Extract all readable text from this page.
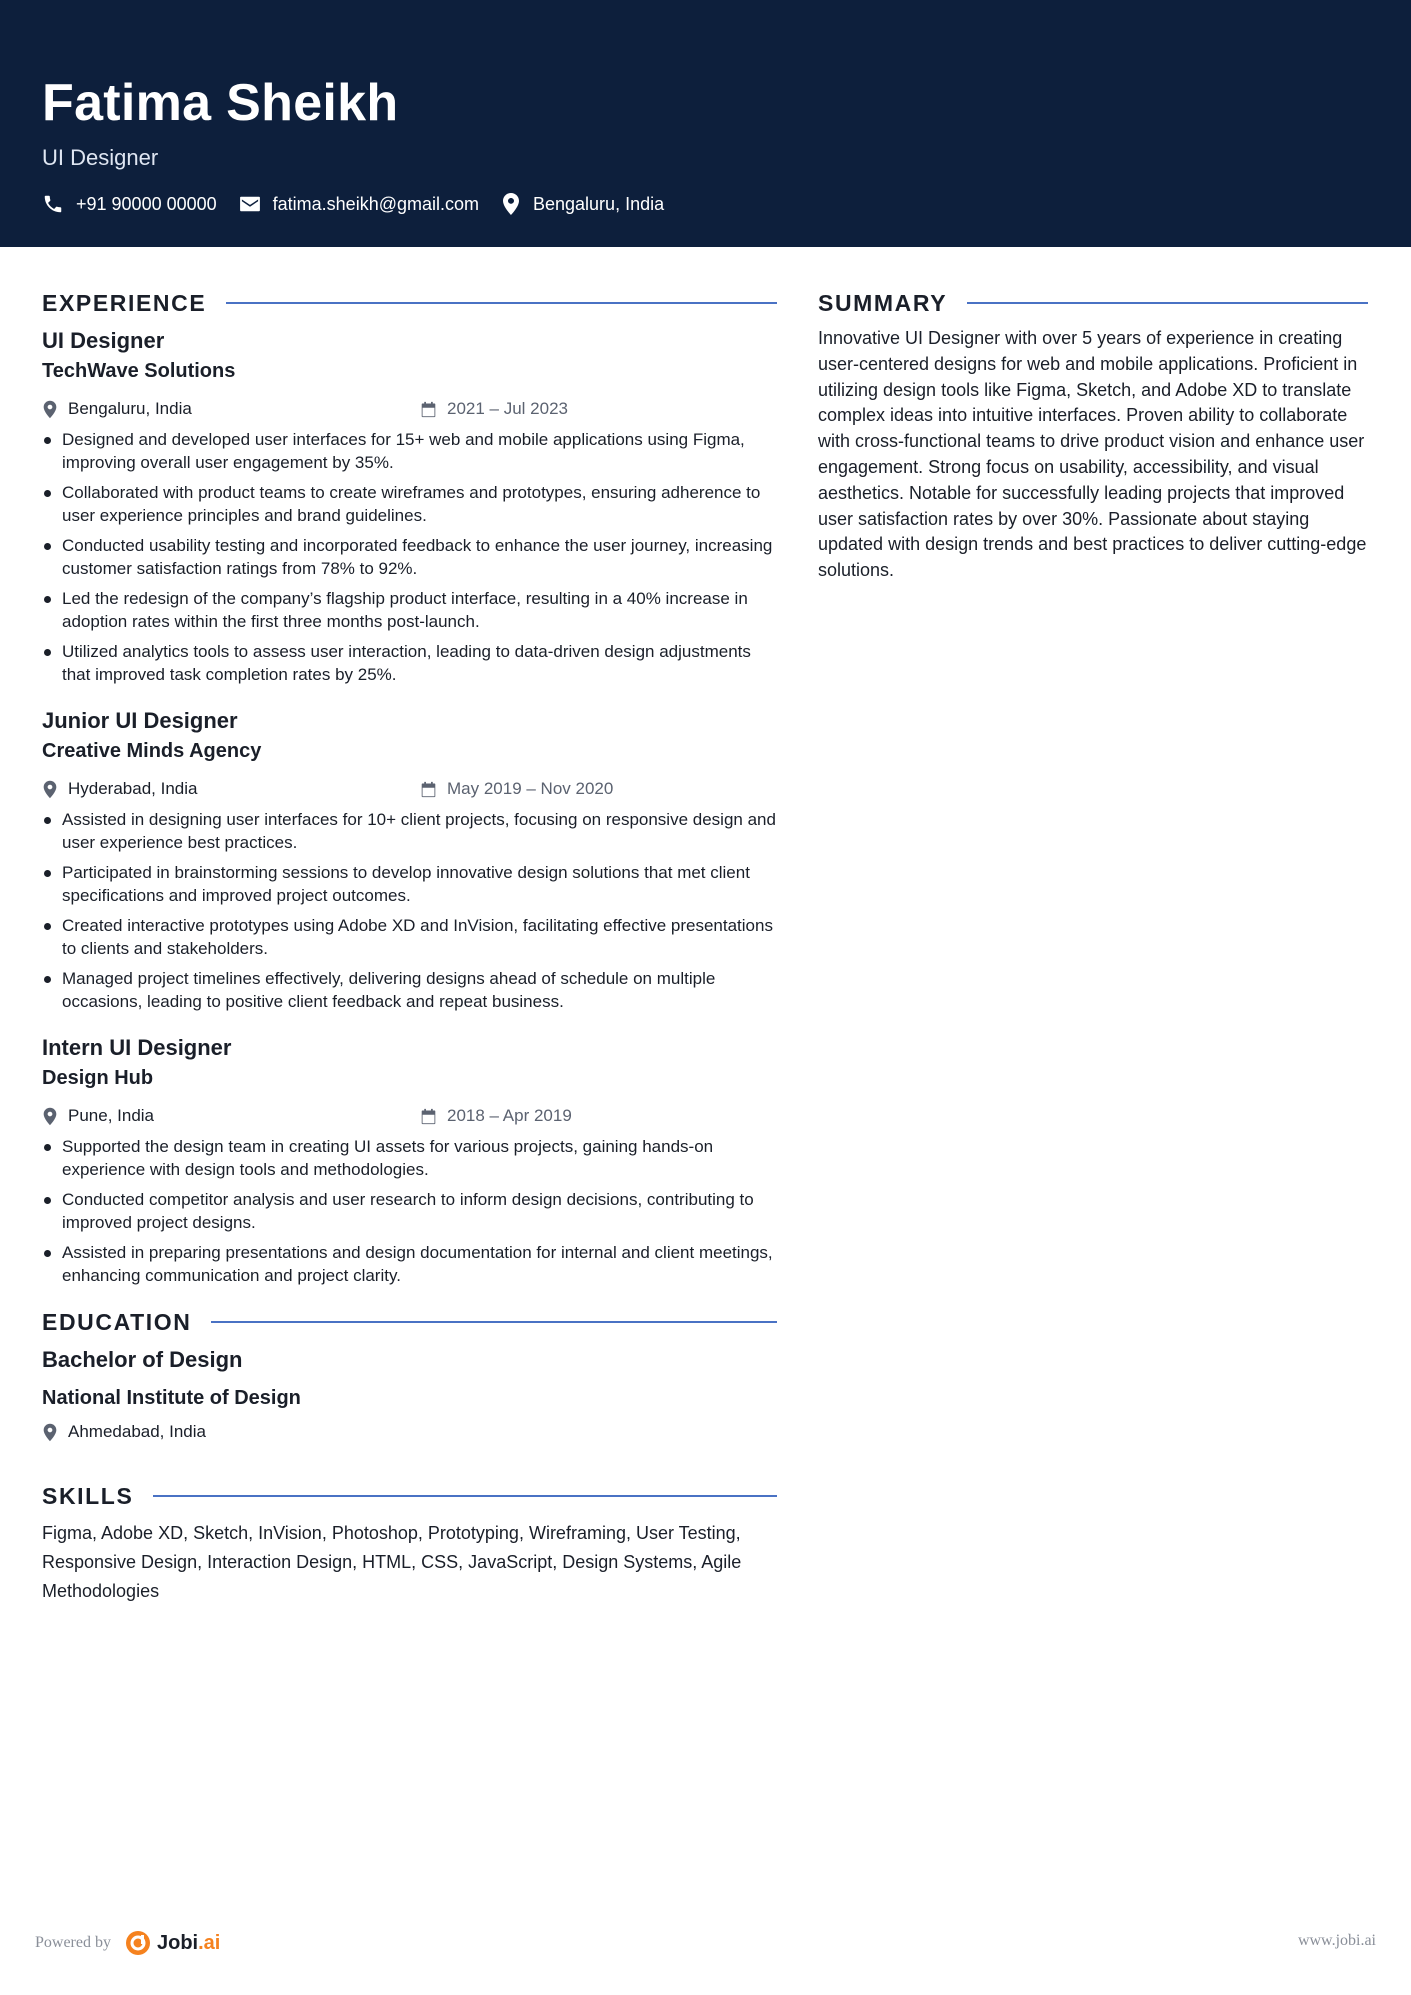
Fatima Sheikh
UI Designer
+91 90000 00000	fatima.sheikh@gmail.com	Bengaluru, India
EXPERIENCE
UI Designer
TechWave Solutions
Bengaluru, India	2021 – Jul 2023
Designed and developed user interfaces for 15+ web and mobile applications using Figma, improving overall user engagement by 35%.
Collaborated with product teams to create wireframes and prototypes, ensuring adherence to user experience principles and brand guidelines.
Conducted usability testing and incorporated feedback to enhance the user journey, increasing customer satisfaction ratings from 78% to 92%.
Led the redesign of the company’s flagship product interface, resulting in a 40% increase in adoption rates within the first three months post-launch.
Utilized analytics tools to assess user interaction, leading to data-driven design adjustments that improved task completion rates by 25%.
Junior UI Designer
Creative Minds Agency
Hyderabad, India	May 2019 – Nov 2020
Assisted in designing user interfaces for 10+ client projects, focusing on responsive design and user experience best practices.
Participated in brainstorming sessions to develop innovative design solutions that met client specifications and improved project outcomes.
Created interactive prototypes using Adobe XD and InVision, facilitating effective presentations to clients and stakeholders.
Managed project timelines effectively, delivering designs ahead of schedule on multiple occasions, leading to positive client feedback and repeat business.
Intern UI Designer
Design Hub
Pune, India	2018 – Apr 2019
Supported the design team in creating UI assets for various projects, gaining hands-on experience with design tools and methodologies.
Conducted competitor analysis and user research to inform design decisions, contributing to improved project designs.
Assisted in preparing presentations and design documentation for internal and client meetings, enhancing communication and project clarity.
EDUCATION
Bachelor of Design
National Institute of Design
Ahmedabad, India
SKILLS
Figma, Adobe XD, Sketch, InVision, Photoshop, Prototyping, Wireframing, User Testing, Responsive Design, Interaction Design, HTML, CSS, JavaScript, Design Systems, Agile Methodologies
SUMMARY
Innovative UI Designer with over 5 years of experience in creating user-centered designs for web and mobile applications. Proficient in utilizing design tools like Figma, Sketch, and Adobe XD to translate complex ideas into intuitive interfaces. Proven ability to collaborate with cross-functional teams to drive product vision and enhance user engagement. Strong focus on usability, accessibility, and visual aesthetics. Notable for successfully leading projects that improved user satisfaction rates by over 30%. Passionate about staying updated with design trends and best practices to deliver cutting-edge solutions.
Powered by Jobi .ai	www.jobi.ai
